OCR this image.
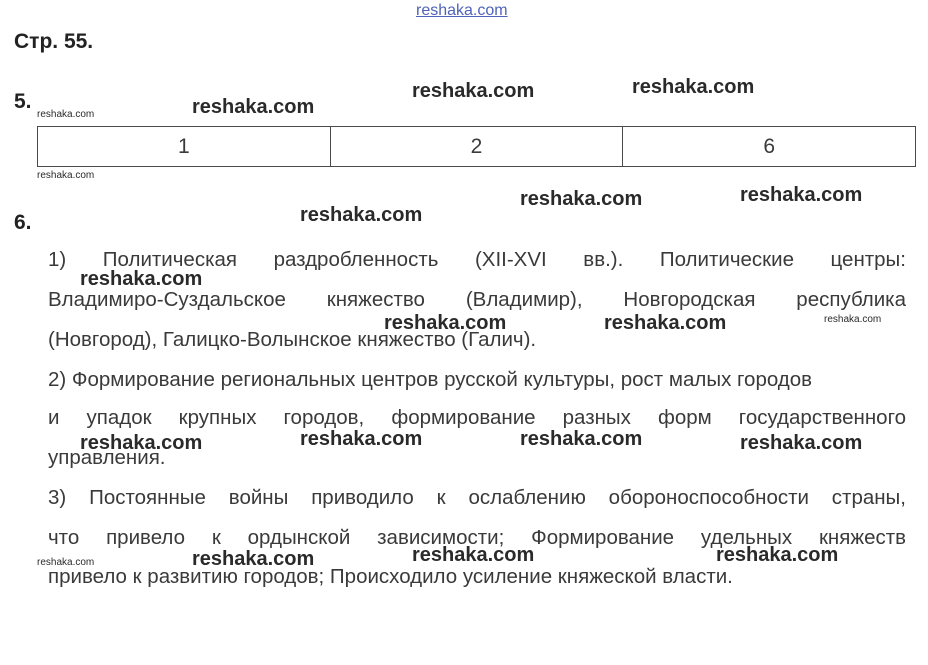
reshaka.com
Стр. 55.
5.
1	2	6
6.
1) Политическая раздробленность (XII-XVI вв.). Политические центры:
Владимиро-Суздальское княжество (Владимир), Новгородская республика
(Новгород), Галицко-Волынское княжество (Галич).
2) Формирование региональных центров русской культуры, рост малых городов
и упадок крупных городов, формирование разных форм государственного
управления.
3) Постоянные войны приводило к ослаблению обороноспособности страны,
что привело к ордынской зависимости; Формирование удельных княжеств
привело к развитию городов; Происходило усиление княжеской власти.
reshaka.com
reshaka.com	reshaka.com
reshaka.com
reshaka.com
reshaka.com	reshaka.com
reshaka.com
reshaka.com
reshaka.com	reshaka.com	reshaka.com
reshaka.com	reshaka.com	reshaka.com	reshaka.com
reshaka.com	reshaka.com	reshaka.com	reshaka.com
